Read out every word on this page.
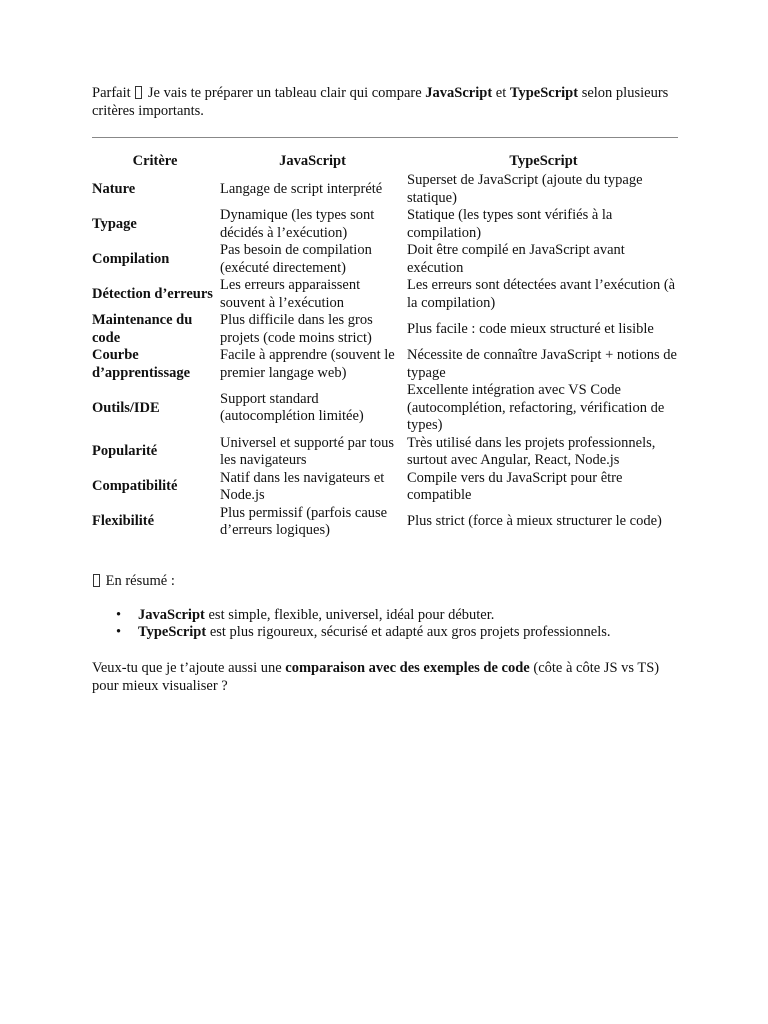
Parfait  Je vais te préparer un tableau clair qui compare JavaScript et TypeScript selon plusieurs critères importants.

Critère	JavaScript	TypeScript
Nature	Langage de script interprété	Superset de JavaScript (ajoute du typage statique)
Typage	Dynamique (les types sont décidés à l’exécution)	Statique (les types sont vérifiés à la compilation)
Compilation	Pas besoin de compilation (exécuté directement)	Doit être compilé en JavaScript avant exécution
Détection d’erreurs	Les erreurs apparaissent souvent à l’exécution	Les erreurs sont détectées avant l’exécution (à la compilation)
Maintenance du code	Plus difficile dans les gros projets (code moins strict)	Plus facile : code mieux structuré et lisible
Courbe d’apprentissage	Facile à apprendre (souvent le premier langage web)	Nécessite de connaître JavaScript + notions de typage
Outils/IDE	Support standard (autocomplétion limitée)	Excellente intégration avec VS Code (autocomplétion, refactoring, vérification de types)
Popularité	Universel et supporté par tous les navigateurs	Très utilisé dans les projets professionnels, surtout avec Angular, React, Node.js
Compatibilité	Natif dans les navigateurs et Node.js	Compile vers du JavaScript pour être compatible
Flexibilité	Plus permissif (parfois cause d’erreurs logiques)	Plus strict (force à mieux structurer le code)

En résumé :

• JavaScript est simple, flexible, universel, idéal pour débuter.
• TypeScript est plus rigoureux, sécurisé et adapté aux gros projets professionnels.

Veux-tu que je t’ajoute aussi une comparaison avec des exemples de code (côte à côte JS vs TS) pour mieux visualiser ?
